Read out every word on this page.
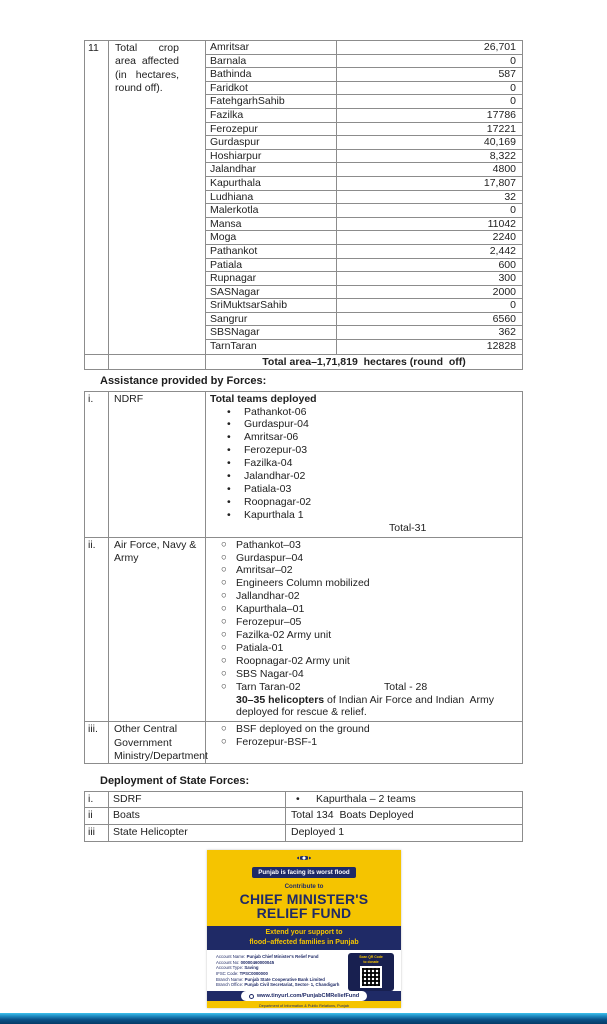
11	Total crop area affected (in hectares, round off).
Amritsar	26,701
Barnala	0
Bathinda	587
Faridkot	0
FatehgarhSahib	0
Fazilka	17786
Ferozepur	17221
Gurdaspur	40,169
Hoshiarpur	8,322
Jalandhar	4800
Kapurthala	17,807
Ludhiana	32
Malerkotla	0
Mansa	11042
Moga	2240
Pathankot	2,442
Patiala	600
Rupnagar	300
SASNagar	2000
SriMuktsarSahib	0
Sangrur	6560
SBSNagar	362
TarnTaran	12828
Total area–1,71,819  hectares (round  off)
Assistance provided by Forces:
i.	NDRF	Total teams deployed
•	Pathankot-06
•	Gurdaspur-04
•	Amritsar-06
•	Ferozepur-03
•	Fazilka-04
•	Jalandhar-02
•	Patiala-03
•	Roopnagar-02
•	Kapurthala 1
Total-31
ii.	Air Force, Navy & Army
○ Pathankot–03
○ Gurdaspur–04
○ Amritsar–02
○ Engineers Column mobilized
○ Jallandhar-02
○ Kapurthala–01
○ Ferozepur–05
○ Fazilka-02 Army unit
○ Patiala-01
○ Roopnagar-02 Army unit
○ SBS Nagar-04
○ Tarn Taran-02	Total - 28
30–35 helicopters of Indian Air Force and Indian  Army deployed for rescue & relief.
iii.	Other Central Government Ministry/Department
○ BSF deployed on the ground
○ Ferozepur-BSF-1
Deployment of State Forces:
i.	SDRF	•	Kapurthala – 2 teams
ii	Boats	Total 134  Boats Deployed
iii	State Helicopter	Deployed 1
Punjab is facing its worst flood
Contribute to
CHIEF MINISTER'S
RELIEF FUND
Extend your support to
flood–affected families in Punjab
Account Name: Punjab Chief Minister's Relief Fund
Account No: 00000460000045
Account Type: Saving
IFSC Code: TPSC0000000
Branch Name: Punjab State Cooperative Bank Limited
Branch Office: Punjab Civil Secretariat, Sector- 1, Chandigarh
Scan QR Code
to donate
www.tinyurl.com/PunjabCMReliefFund
Department of Information & Public Relations, Punjab
